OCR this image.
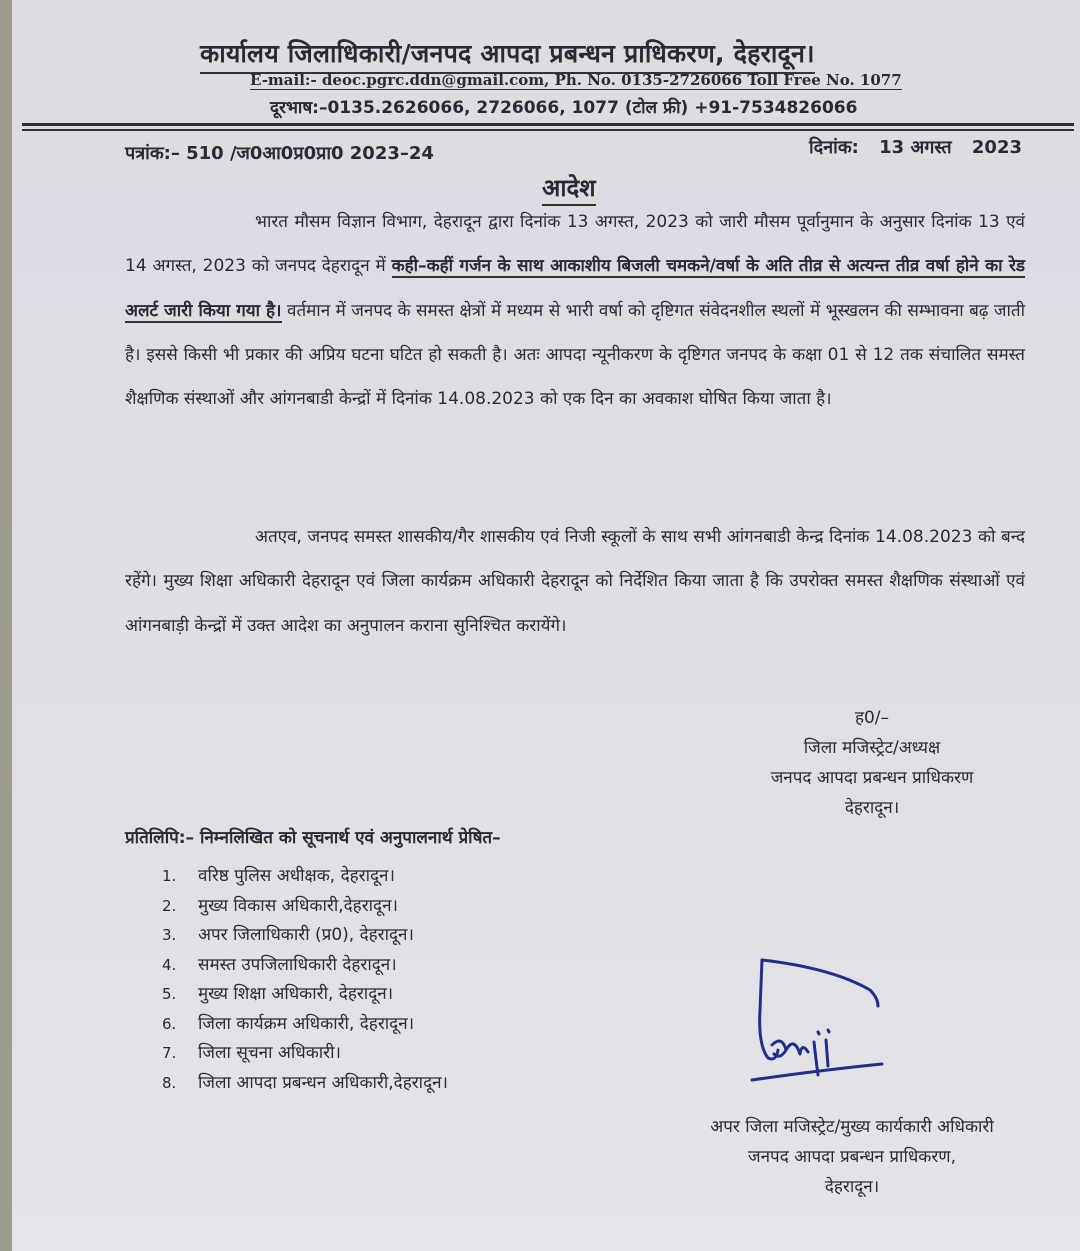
कार्यालय जिलाधिकारी/जनपद आपदा प्रबन्धन प्राधिकरण, देहरादून।
E-mail:- deoc.pgrc.ddn@gmail.com, Ph. No. 0135-2726066 Toll Free No. 1077
दूरभाष:–0135.2626066, 2726066, 1077 (टोल फ्री) +91-7534826066
पत्रांक:– 510 /ज0आ0प्र0प्रा0 2023–24	दिनांक: 13 अगस्त 2023
आदेश
भारत मौसम विज्ञान विभाग, देहरादून द्वारा दिनांक 13 अगस्त, 2023 को जारी मौसम पूर्वानुमान के अनुसार दिनांक 13 एवं 14 अगस्त, 2023 को जनपद देहरादून में कही–कहीं गर्जन के साथ आकाशीय बिजली चमकने/वर्षा के अति तीव्र से अत्यन्त तीव्र वर्षा होने का रेड अलर्ट जारी किया गया है। वर्तमान में जनपद के समस्त क्षेत्रों में मध्यम से भारी वर्षा को दृष्टिगत संवेदनशील स्थलों में भूस्खलन की सम्भावना बढ़ जाती है। इससे किसी भी प्रकार की अप्रिय घटना घटित हो सकती है। अतः आपदा न्यूनीकरण के दृष्टिगत जनपद के कक्षा 01 से 12 तक संचालित समस्त शैक्षणिक संस्थाओं और आंगनबाडी केन्द्रों में दिनांक 14.08.2023 को एक दिन का अवकाश घोषित किया जाता है।
अतएव, जनपद समस्त शासकीय/गैर शासकीय एवं निजी स्कूलों के साथ सभी आंगनबाडी केन्द्र दिनांक 14.08.2023 को बन्द रहेंगे। मुख्य शिक्षा अधिकारी देहरादून एवं जिला कार्यक्रम अधिकारी देहरादून को निर्देशित किया जाता है कि उपरोक्त समस्त शैक्षणिक संस्थाओं एवं आंगनबाड़ी केन्द्रों में उक्त आदेश का अनुपालन कराना सुनिश्चित करायेंगे।
ह0/–
जिला मजिस्ट्रेट/अध्यक्ष
जनपद आपदा प्रबन्धन प्राधिकरण
देहरादून।
प्रतिलिपि:– निम्नलिखित को सूचनार्थ एवं अनुपालनार्थ प्रेषित–
1. वरिष्ठ पुलिस अधीक्षक, देहरादून।
2. मुख्य विकास अधिकारी,देहरादून।
3. अपर जिलाधिकारी (प्र0), देहरादून।
4. समस्त उपजिलाधिकारी देहरादून।
5. मुख्य शिक्षा अधिकारी, देहरादून।
6. जिला कार्यक्रम अधिकारी, देहरादून।
7. जिला सूचना अधिकारी।
8. जिला आपदा प्रबन्धन अधिकारी,देहरादून।
अपर जिला मजिस्ट्रेट/मुख्य कार्यकारी अधिकारी
जनपद आपदा प्रबन्धन प्राधिकरण,
देहरादून।
